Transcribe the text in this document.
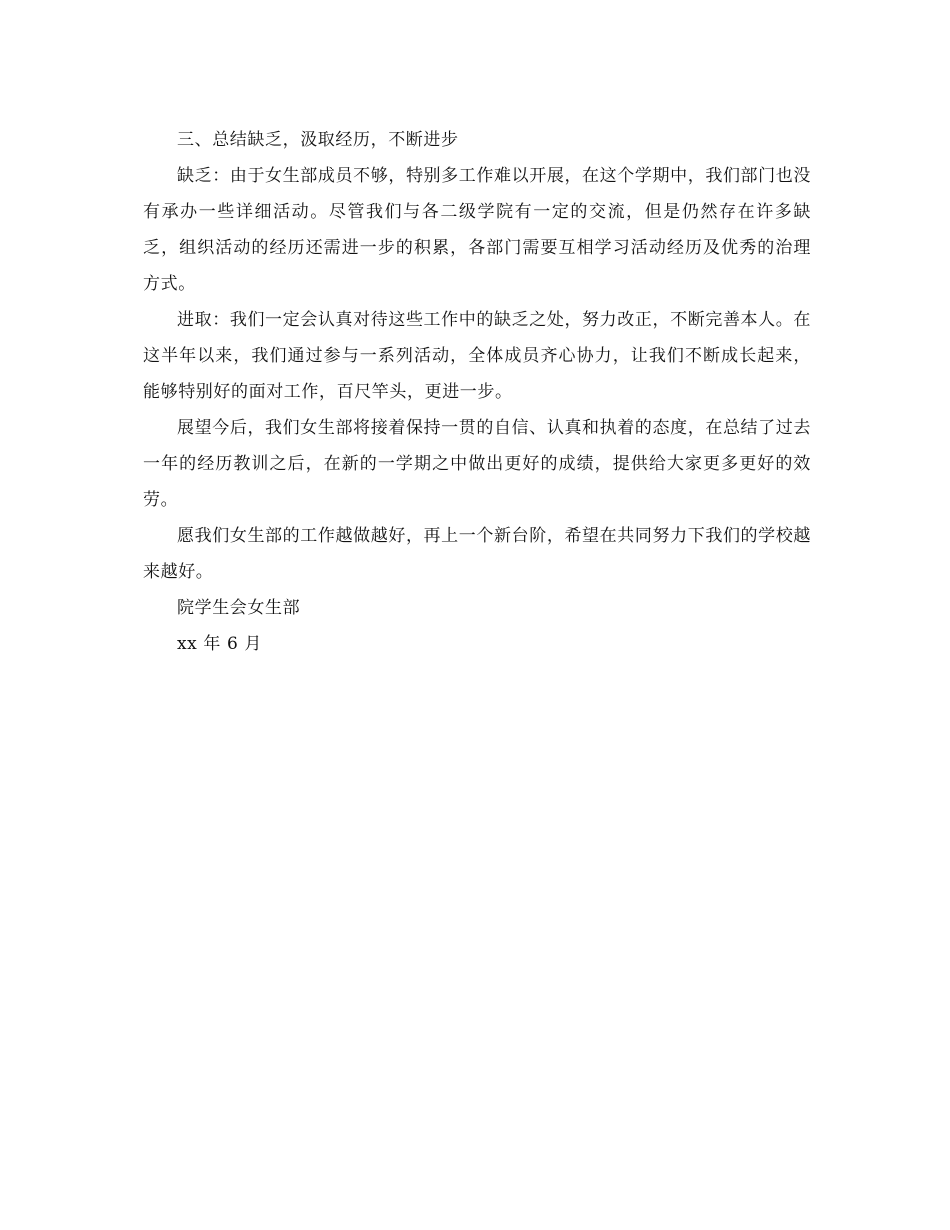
三、总结缺乏，汲取经历，不断进步

缺乏：由于女生部成员不够，特别多工作难以开展，在这个学期中，我们部门也没有承办一些详细活动。尽管我们与各二级学院有一定的交流，但是仍然存在许多缺乏，组织活动的经历还需进一步的积累，各部门需要互相学习活动经历及优秀的治理方式。

进取：我们一定会认真对待这些工作中的缺乏之处，努力改正，不断完善本人。在这半年以来，我们通过参与一系列活动，全体成员齐心协力，让我们不断成长起来，能够特别好的面对工作，百尺竿头，更进一步。

展望今后，我们女生部将接着保持一贯的自信、认真和执着的态度，在总结了过去一年的经历教训之后，在新的一学期之中做出更好的成绩，提供给大家更多更好的效劳。

愿我们女生部的工作越做越好，再上一个新台阶，希望在共同努力下我们的学校越来越好。

院学生会女生部

xx 年 6 月
